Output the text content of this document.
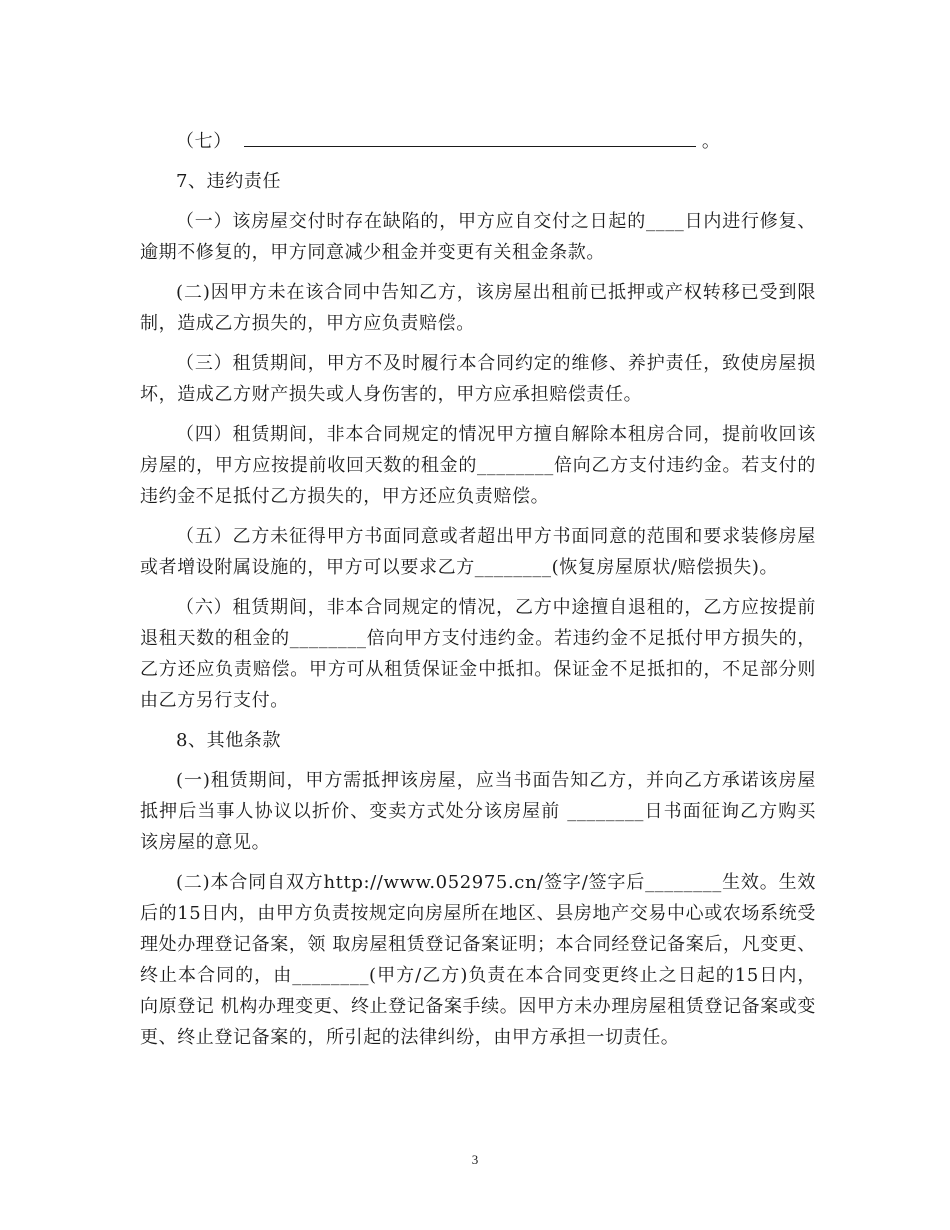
（七）	。

7、违约责任

（一）该房屋交付时存在缺陷的，甲方应自交付之日起的____日内进行修复、逾期不修复的，甲方同意减少租金并变更有关租金条款。

(二)因甲方未在该合同中告知乙方，该房屋出租前已抵押或产权转移已受到限制，造成乙方损失的，甲方应负责赔偿。

（三）租赁期间，甲方不及时履行本合同约定的维修、养护责任，致使房屋损坏，造成乙方财产损失或人身伤害的，甲方应承担赔偿责任。

（四）租赁期间，非本合同规定的情况甲方擅自解除本租房合同，提前收回该房屋的，甲方应按提前收回天数的租金的________倍向乙方支付违约金。若支付的违约金不足抵付乙方损失的，甲方还应负责赔偿。

（五）乙方未征得甲方书面同意或者超出甲方书面同意的范围和要求装修房屋或者增设附属设施的，甲方可以要求乙方________(恢复房屋原状/赔偿损失)。

（六）租赁期间，非本合同规定的情况，乙方中途擅自退租的，乙方应按提前退租天数的租金的________倍向甲方支付违约金。若违约金不足抵付甲方损失的，乙方还应负责赔偿。甲方可从租赁保证金中抵扣。保证金不足抵扣的，不足部分则由乙方另行支付。

8、其他条款

(一)租赁期间，甲方需抵押该房屋，应当书面告知乙方，并向乙方承诺该房屋抵押后当事人协议以折价、变卖方式处分该房屋前 ________日书面征询乙方购买该房屋的意见。

(二)本合同自双方http://www.052975.cn/签字/签字后________生效。生效后的15日内，由甲方负责按规定向房屋所在地区、县房地产交易中心或农场系统受理处办理登记备案，领 取房屋租赁登记备案证明；本合同经登记备案后，凡变更、终止本合同的，由________(甲方/乙方)负责在本合同变更终止之日起的15日内，向原登记 机构办理变更、终止登记备案手续。因甲方未办理房屋租赁登记备案或变更、终止登记备案的，所引起的法律纠纷，由甲方承担一切责任。

3
